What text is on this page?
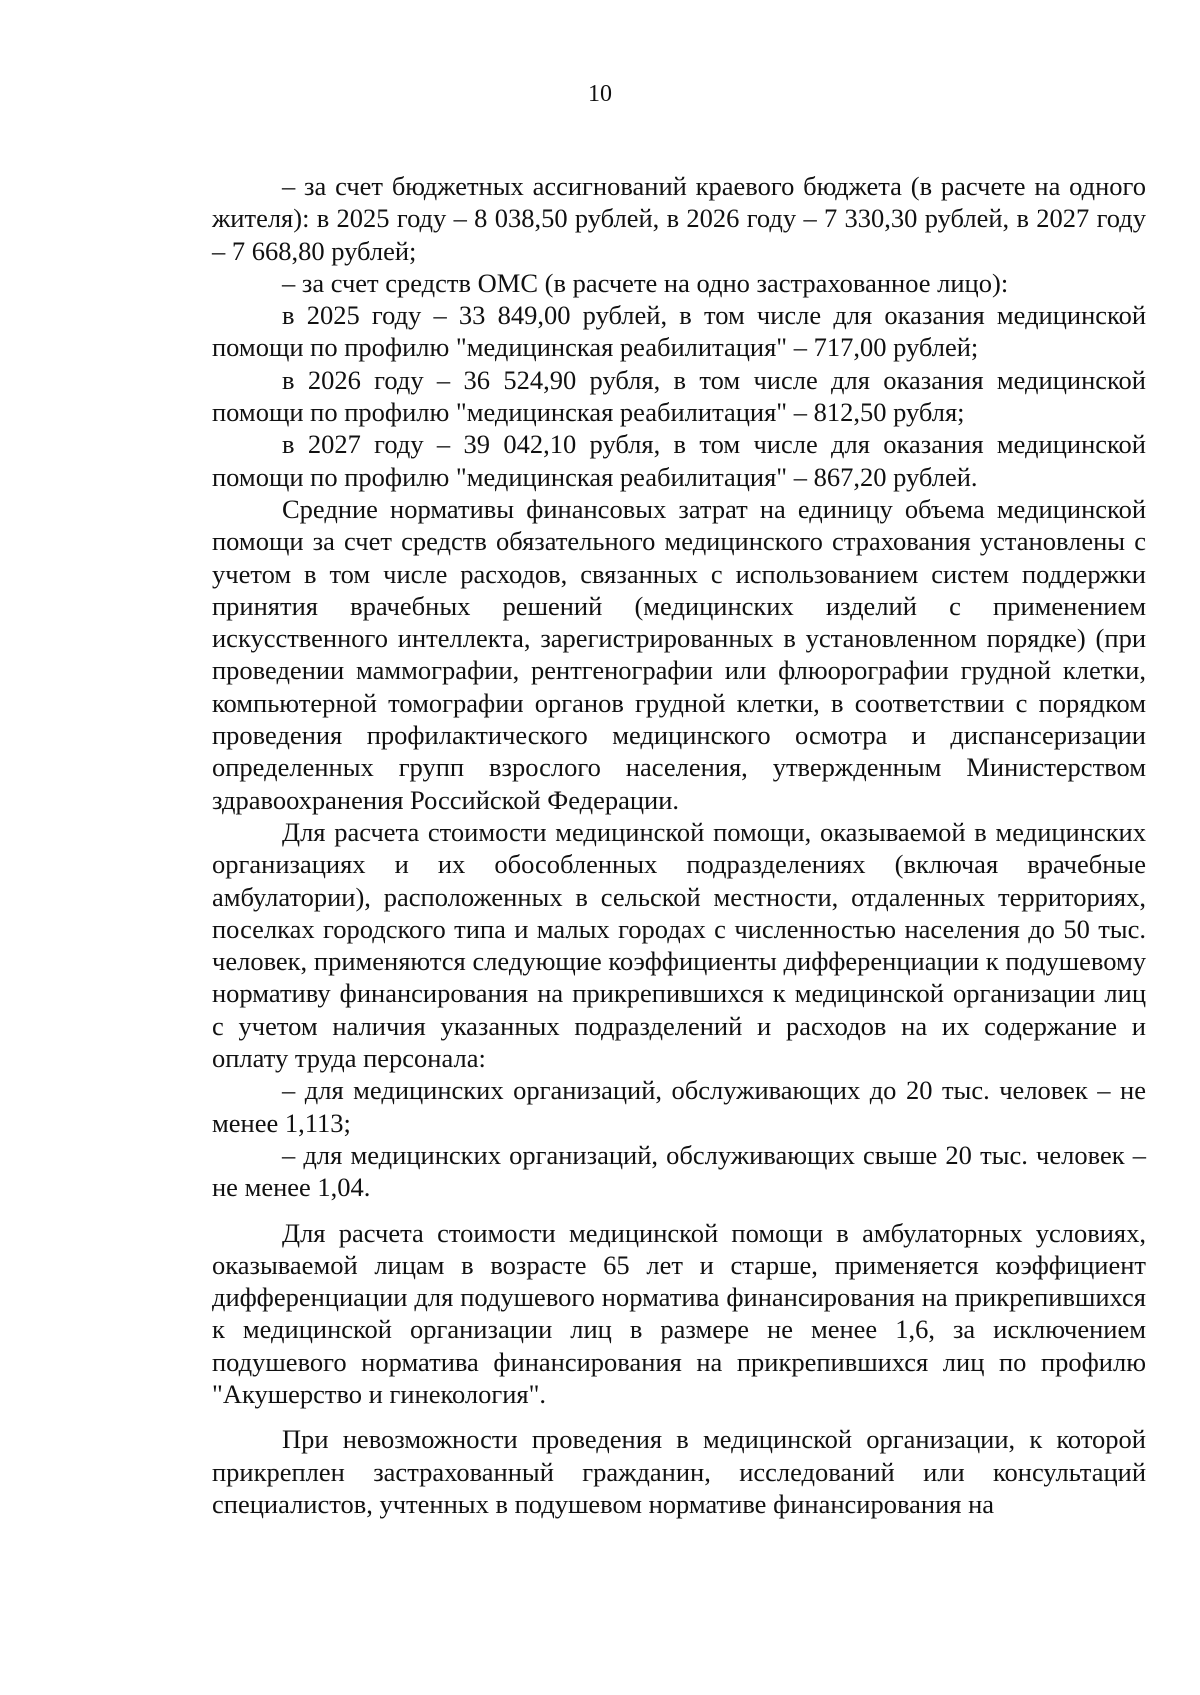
10

– за счет бюджетных ассигнований краевого бюджета (в расчете на одного жителя): в 2025 году – 8 038,50 рублей, в 2026 году – 7 330,30 рублей, в 2027 году – 7 668,80 рублей;

– за счет средств ОМС (в расчете на одно застрахованное лицо):

в 2025 году – 33 849,00 рублей, в том числе для оказания медицинской помощи по профилю "медицинская реабилитация" – 717,00 рублей;

в 2026 году – 36 524,90 рубля, в том числе для оказания медицинской помощи по профилю "медицинская реабилитация" – 812,50 рубля;

в 2027 году – 39 042,10 рубля, в том числе для оказания медицинской помощи по профилю "медицинская реабилитация" – 867,20 рублей.

Средние нормативы финансовых затрат на единицу объема медицинской помощи за счет средств обязательного медицинского страхования установлены с учетом в том числе расходов, связанных с использованием систем поддержки принятия врачебных решений (медицинских изделий с применением искусственного интеллекта, зарегистрированных в установленном порядке) (при проведении маммографии, рентгенографии или флюорографии грудной клетки, компьютерной томографии органов грудной клетки, в соответствии с порядком проведения профилактического медицинского осмотра и диспансеризации определенных групп взрослого населения, утвержденным Министерством здравоохранения Российской Федерации.

Для расчета стоимости медицинской помощи, оказываемой в медицинских организациях и их обособленных подразделениях (включая врачебные амбулатории), расположенных в сельской местности, отдаленных территориях, поселках городского типа и малых городах с численностью населения до 50 тыс. человек, применяются следующие коэффициенты дифференциации к подушевому нормативу финансирования на прикрепившихся к медицинской организации лиц с учетом наличия указанных подразделений и расходов на их содержание и оплату труда персонала:

– для медицинских организаций, обслуживающих до 20 тыс. человек – не менее 1,113;

– для медицинских организаций, обслуживающих свыше 20 тыс. человек – не менее 1,04.

Для расчета стоимости медицинской помощи в амбулаторных условиях, оказываемой лицам в возрасте 65 лет и старше, применяется коэффициент дифференциации для подушевого норматива финансирования на прикрепившихся к медицинской организации лиц в размере не менее 1,6, за исключением подушевого норматива финансирования на прикрепившихся лиц по профилю "Акушерство и гинекология".

При невозможности проведения в медицинской организации, к которой прикреплен застрахованный гражданин, исследований или консультаций специалистов, учтенных в подушевом нормативе финансирования на
